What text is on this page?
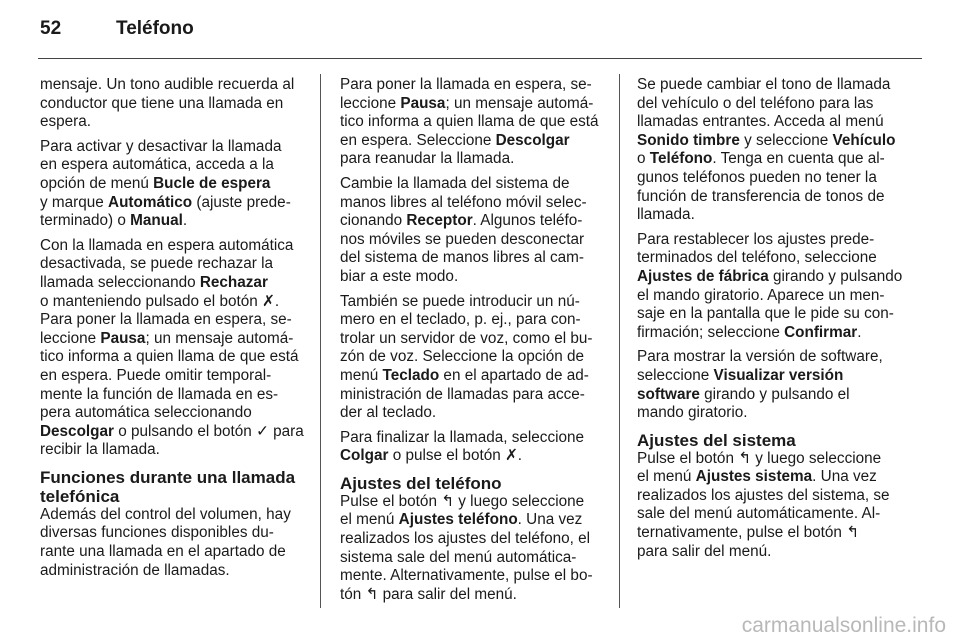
52	Teléfono

mensaje. Un tono audible recuerda al
conductor que tiene una llamada en
espera.

Para activar y desactivar la llamada
en espera automática, acceda a la
opción de menú Bucle de espera
y marque Automático (ajuste prede-
terminado) o Manual.

Con la llamada en espera automática
desactivada, se puede rechazar la
llamada seleccionando Rechazar
o manteniendo pulsado el botón ✗.
Para poner la llamada en espera, se-
leccione Pausa; un mensaje automá-
tico informa a quien llama de que está
en espera. Puede omitir temporal-
mente la función de llamada en es-
pera automática seleccionando
Descolgar o pulsando el botón ✓ para
recibir la llamada.

Funciones durante una llamada telefónica

Además del control del volumen, hay
diversas funciones disponibles du-
rante una llamada en el apartado de
administración de llamadas.

Para poner la llamada en espera, se-
leccione Pausa; un mensaje automá-
tico informa a quien llama de que está
en espera. Seleccione Descolgar
para reanudar la llamada.

Cambie la llamada del sistema de
manos libres al teléfono móvil selec-
cionando Receptor. Algunos teléfo-
nos móviles se pueden desconectar
del sistema de manos libres al cam-
biar a este modo.

También se puede introducir un nú-
mero en el teclado, p. ej., para con-
trolar un servidor de voz, como el bu-
zón de voz. Seleccione la opción de
menú Teclado en el apartado de ad-
ministración de llamadas para acce-
der al teclado.

Para finalizar la llamada, seleccione
Colgar o pulse el botón ✗.

Ajustes del teléfono

Pulse el botón ↰ y luego seleccione
el menú Ajustes teléfono. Una vez
realizados los ajustes del teléfono, el
sistema sale del menú automática-
mente. Alternativamente, pulse el bo-
tón ↰ para salir del menú.

Se puede cambiar el tono de llamada
del vehículo o del teléfono para las
llamadas entrantes. Acceda al menú
Sonido timbre y seleccione Vehículo
o Teléfono. Tenga en cuenta que al-
gunos teléfonos pueden no tener la
función de transferencia de tonos de
llamada.

Para restablecer los ajustes prede-
terminados del teléfono, seleccione
Ajustes de fábrica girando y pulsando
el mando giratorio. Aparece un men-
saje en la pantalla que le pide su con-
firmación; seleccione Confirmar.

Para mostrar la versión de software,
seleccione Visualizar versión
software girando y pulsando el
mando giratorio.

Ajustes del sistema

Pulse el botón ↰ y luego seleccione
el menú Ajustes sistema. Una vez
realizados los ajustes del sistema, se
sale del menú automáticamente. Al-
ternativamente, pulse el botón ↰
para salir del menú.

carmanualsonline.info
